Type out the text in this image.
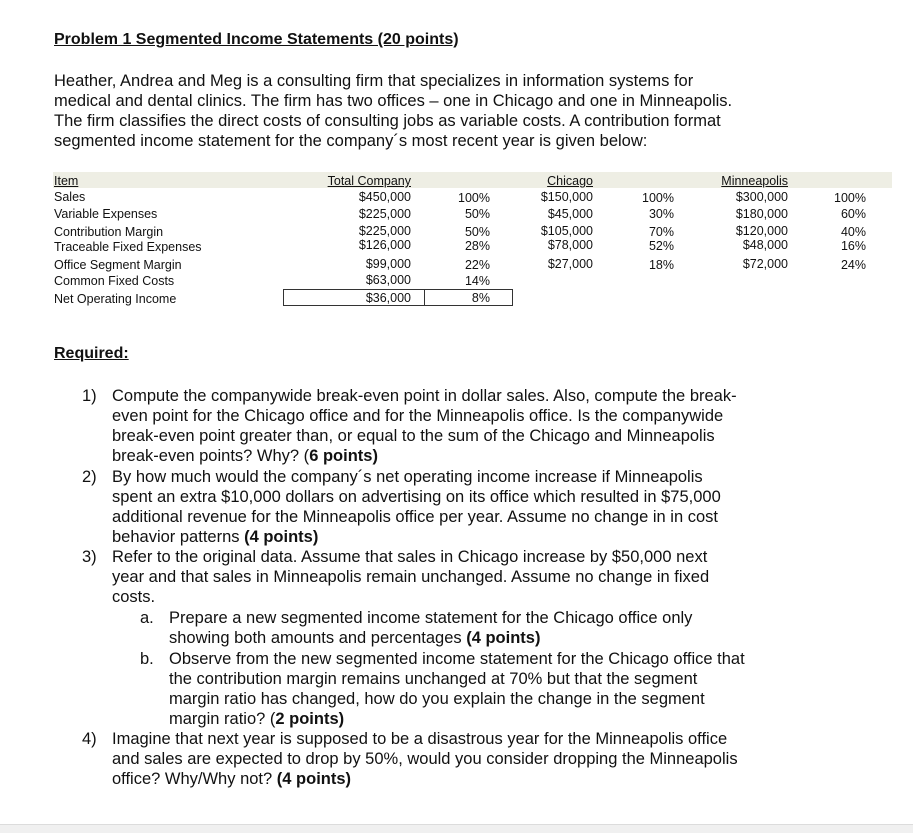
Problem 1 Segmented Income Statements (20 points)

Heather, Andrea and Meg is a consulting firm that specializes in information systems for

medical and dental clinics. The firm has two offices – one in Chicago and one in Minneapolis.

The firm classifies the direct costs of consulting jobs as variable costs. A contribution format

segmented income statement for the company´s most recent year is given below:

Item	Total Company	Chicago	Minneapolis
Sales	$450,000	100%	$150,000	100%	$300,000	100%
Variable Expenses	$225,000	50%	$45,000	30%	$180,000	60%
Contribution Margin	$225,000	50%	$105,000	70%	$120,000	40%
Traceable Fixed Expenses	$126,000	28%	$78,000	52%	$48,000	16%
Office Segment Margin	$99,000	22%	$27,000	18%	$72,000	24%
Common Fixed Costs	$63,000	14%
Net Operating Income	$36,000	8%
Required:
1) Compute the companywide break-even point in dollar sales. Also, compute the break-
even point for the Chicago office and for the Minneapolis office. Is the companywide
break-even point greater than, or equal to the sum of the Chicago and Minneapolis
break-even points? Why? (6 points)
2) By how much would the company´s net operating income increase if Minneapolis
spent an extra $10,000 dollars on advertising on its office which resulted in $75,000
additional revenue for the Minneapolis office per year. Assume no change in in cost
behavior patterns (4 points)
3) Refer to the original data. Assume that sales in Chicago increase by $50,000 next
year and that sales in Minneapolis remain unchanged. Assume no change in fixed
costs.
a. Prepare a new segmented income statement for the Chicago office only
showing both amounts and percentages (4 points)
b. Observe from the new segmented income statement for the Chicago office that
the contribution margin remains unchanged at 70% but that the segment
margin ratio has changed, how do you explain the change in the segment
margin ratio? (2 points)
4) Imagine that next year is supposed to be a disastrous year for the Minneapolis office
and sales are expected to drop by 50%, would you consider dropping the Minneapolis
office? Why/Why not? (4 points)
